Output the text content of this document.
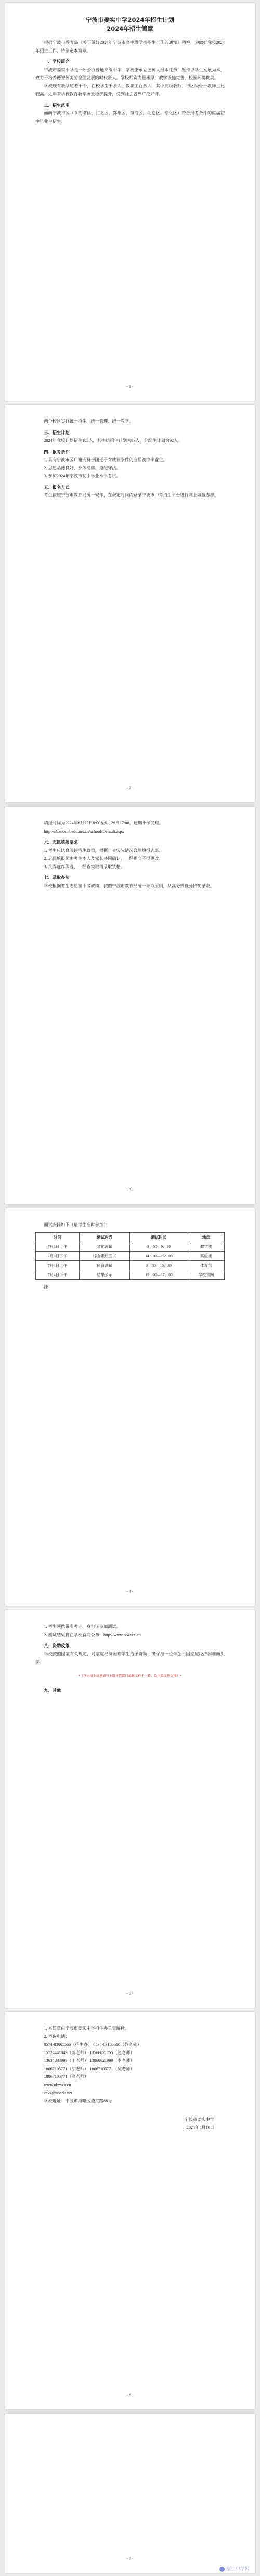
宁波市姜实中学2024年招生计划
2024年招生简章

根据宁波市教育局《关于做好2024年宁波市高中段学校招生工作的通知》精神，为做好我校2024年招生工作，特制定本简章。

一、学校简介

宁波市姜实中学是一所公办普通高级中学，学校秉承立德树人根本任务，坚持以学生发展为本，致力于培养德智体美劳全面发展的时代新人。学校师资力量雄厚，教学设施完善，校园环境优美。

学校现有教学班若干个，在校学生千余人，教职工百余人，其中高级教师、市区级骨干教师占比较高。近年来学校教育教学质量稳步提升，受到社会各界广泛好评。

二、招生范围

面向宁波市区（含海曙区、江北区、鄞州区、镇海区、北仑区、奉化区）符合报考条件的应届初中毕业生招生。

- 1 -

两个校区实行统一招生、统一管理、统一教学。

三、招生计划

2024年我校计划招生185人，其中统招生计划为93人，分配生计划为92人。

四、报考条件

1. 具有宁波市区户籍或符合随迁子女就读条件的应届初中毕业生。

2. 思想品德良好，身体健康，遵纪守法。

3. 参加2024年宁波市初中学业水平考试。

五、报名方式

考生按照宁波市教育局统一安排，在规定时间内登录宁波市中考招生平台进行网上填报志愿。

- 2 -

填报时间为2024年6月25日8:00至6月29日17:00，逾期不予受理。

http://nbzsxx.nbedu.net.cn/school/Default.aspx

六、志愿填报要求

1. 考生应认真阅读招生政策，根据自身实际情况合理填报志愿。

2. 志愿填报须由考生本人及家长共同确认，一经提交不得更改。

3. 凡弄虚作假者，一经查实取消录取资格。

七、录取办法

学校根据考生志愿和中考成绩，按照宁波市教育局统一录取原则，从高分到低分择优录取。

- 3 -

面试安排如下（请考生准时参加）：

时间	测试内容	测试时长	地点
7月3日上午	文化测试	8：00—9：30	教学楼
7月3日下午	综合素质面试	14：00—16：00	实验楼
7月4日上午	体育测试	8：30—10：30	体育馆
7月4日下午	结果公示	15：00—17：00	学校官网

注：

- 4 -

1. 考生须携带准考证、身份证参加测试。

2. 测试结果将在学校官网公布：http://www.nbzsxx.cn

八、资助政策

学校按照国家有关规定，对家庭经济困难学生给予资助，确保每一位学生不因家庭经济困难而失学。

*（以上招生信息如与上级主管部门最新文件不一致，以上级文件为准）*

九、其他

- 5 -

1. 本简章由宁波市姜实中学招生办负责解释。

2. 咨询电话：

0574-83065566（招生办） 0574-87105610（教务处）

15724441849（陈老师） 13566871255（赵老师）

13634888999（王老师） 13868621999（李老师）

18067105771（胡老师） 18067105771（吴老师）

18067105771（高老师）

www.nbzsxx.cn

zsxx@nbedu.net

学校地址：宁波市海曙区望京路88号

宁波市姜实中学
2024年5月10日
- 6 -
- 7 -
招生中学网
